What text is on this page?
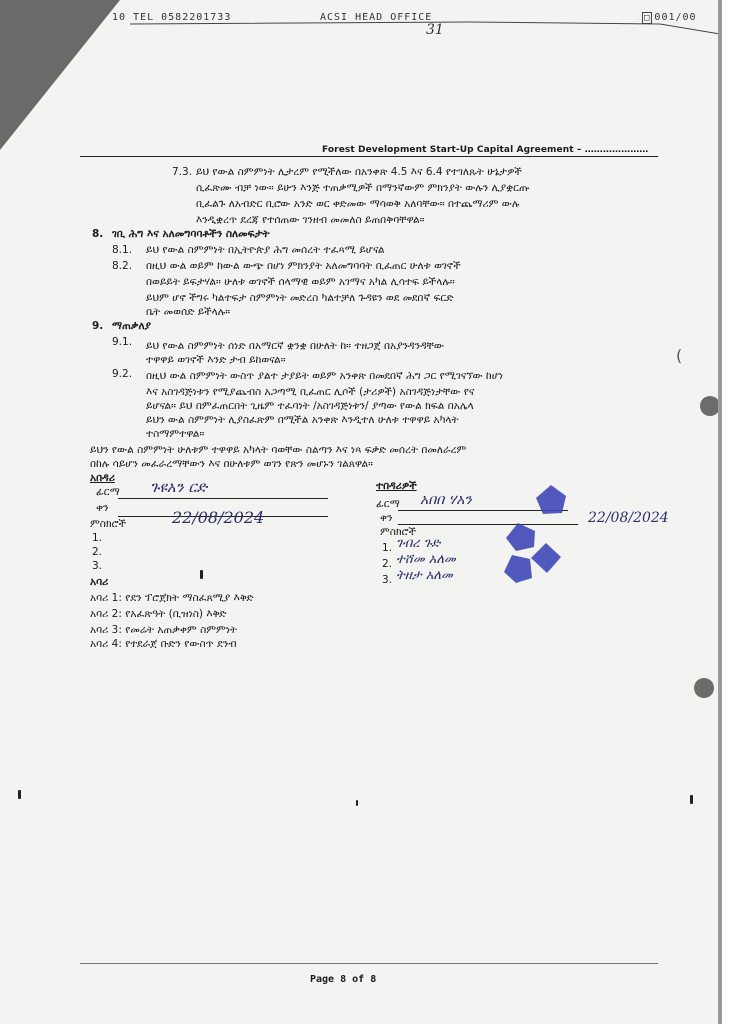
10 TEL 0582201733	ACSI HEAD OFFICE	□ 001/00
31
Forest Development Start-Up Capital Agreement – …………………
7.3. ይህ የውል ስምምነት ሊታረም የሚችለው በአንቀጽ 4.5 እና 6.4 የተገለጹት ሁኔታዎች
ሲፈጽሙ ብቻ ነው። ይሁን እንጅ ተጠቃሚዎች በማንኛውም ምክንያት ውሉን ሊያቋርጡ
ቢፈልጉ ለአብድር ቢሮው አንድ ወር ቀድመው ማሳወቅ አለባቸው። በተጨማሪም ውሉ
እንዲቋረጥ ደረጃ የተሰጠው ገንዘብ መመለስ ይጠበቅባቸዋል።
8. ገቢ ሕግ እና አለመግባባቶችን ስለመፍታት
8.1. ይህ የውል ስምምነት በኢትዮጵያ ሕግ መሰረት ተፈጻሚ ይሆናል
8.2. በዚህ ውል ወይም ከውል ውጭ በሆነ ምክንያት አለመግባባት ቢፈጠር ሁለቱ ወገኖች
በወይይት ይፍታሃል። ሁለቱ ወገኖች ሰላማዊ ወይም አገማና አካል ሊሳተፍ ይችላሉ።
ይህም ሆኖ ችግሩ ካልተፍታ ስምምነት መድረስ ካልተቻለ ጉዳዩን ወደ መደበኛ ፍርድ
ቤት መወሰድ ይችላሉ።
9. ማጠቃለያ
9.1. ይህ የውል ስምምነት ሰነድ በአማርኛ ቋንቋ በሁለት ከ። ተዘጋጀ በአያንዳንዳቸው
ተዋዋይ ወገኖች እንድ ታብ ይከወናል።
9.2. በዚህ ውል ስምምነት ውስጥ ያልተ ታያይት ወይም አንቀጽ በመደበኛ ሕግ ጋር የሚገናኘው ከሆነ
እና አስገዳጅነቱን የሚያጨብስ አጋጣሚ ቢፈጠር ሊሶች (ታሪዎች) አስገዳጅነታቸው የና
ይሆናል። ይህ በምፈጠርበት ጊዜም ተፈባነት /አስገዳጅነቱን/ ያጣው የውል ክፍል በአሌላ
ይህን ውል ስምምነት ሊያስፈጽም በሚችል አንቀጽ እንዲተለ ሁለቱ ተዋዋይ አካላት
ተስማምተዋል።
ይህን የውል ስምምነት ሁለቱም ተዋዋይ አካላት ባወቸው ስልጣን እና ነጻ ፍቃድ መሰረት በመለራረም
በከሉ ሳይሆን መፈራረማቸውን እና በሁለቱም ወገን የጽን መሆኑን ገልጸዋል።
አበዳሪ
ፊርማ ጉዩአን ርድ
ቀን	22/08/2024
ምስክሮች
1.
2.
3.
ተበዳሪዎች
ፊርማ አበበ ሃአን
ቀን	22/08/2024
ምስክሮች
1. ገብረ ጉድ
2. ተሸመ አለመ
3. ትዘታ አለመ
አባሪ
አባሪ 1: የደን ፕሮጀክት ማስፈጸሚያ እቅድ
አባሪ 2: የአፈጽዓት (ቢዝነስ) እቅድ
አባሪ 3: የመሬት አጠቃቀም ስምምነት
አባሪ 4: የተደራጀ ቡድን የውስጥ ደንብ
(
Page 8 of 8
